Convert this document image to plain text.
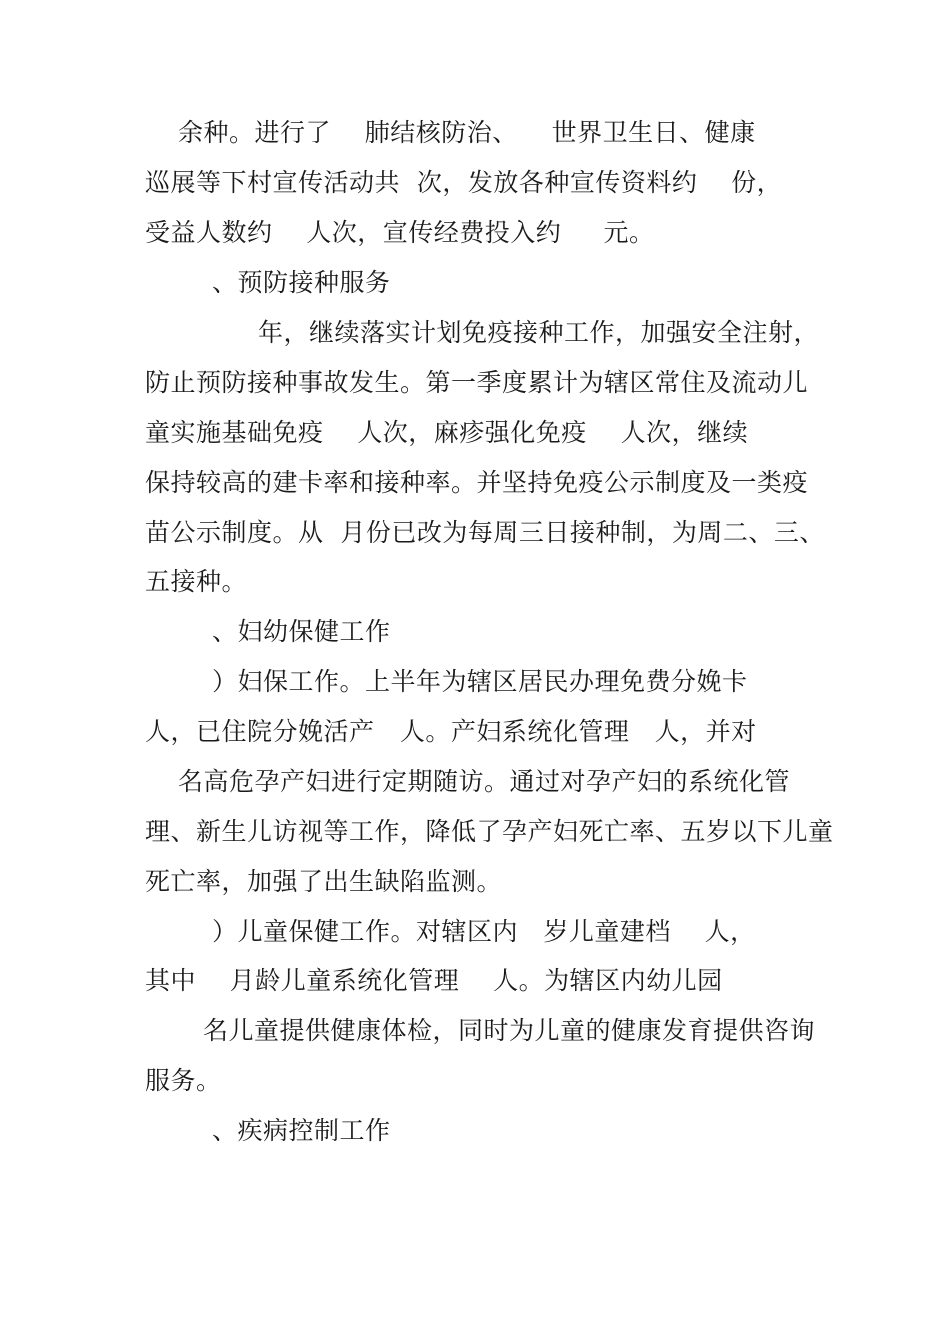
余种。进行了    肺结核防治、    世界卫生日、健康
巡展等下村宣传活动共  次，发放各种宣传资料约    份，
受益人数约    人次，宣传经费投入约     元。
、预防接种服务
年，继续落实计划免疫接种工作，加强安全注射，
防止预防接种事故发生。第一季度累计为辖区常住及流动儿
童实施基础免疫    人次，麻疹强化免疫    人次，继续
保持较高的建卡率和接种率。并坚持免疫公示制度及一类疫
苗公示制度。从  月份已改为每周三日接种制，为周二、三、
五接种。
、妇幼保健工作
）妇保工作。上半年为辖区居民办理免费分娩卡
人，已住院分娩活产   人。产妇系统化管理   人，并对
名高危孕产妇进行定期随访。通过对孕产妇的系统化管
理、新生儿访视等工作，降低了孕产妇死亡率、五岁以下儿童
死亡率，加强了出生缺陷监测。
）儿童保健工作。对辖区内   岁儿童建档    人，
其中    月龄儿童系统化管理    人。为辖区内幼儿园
名儿童提供健康体检，同时为儿童的健康发育提供咨询
服务。
、疾病控制工作
